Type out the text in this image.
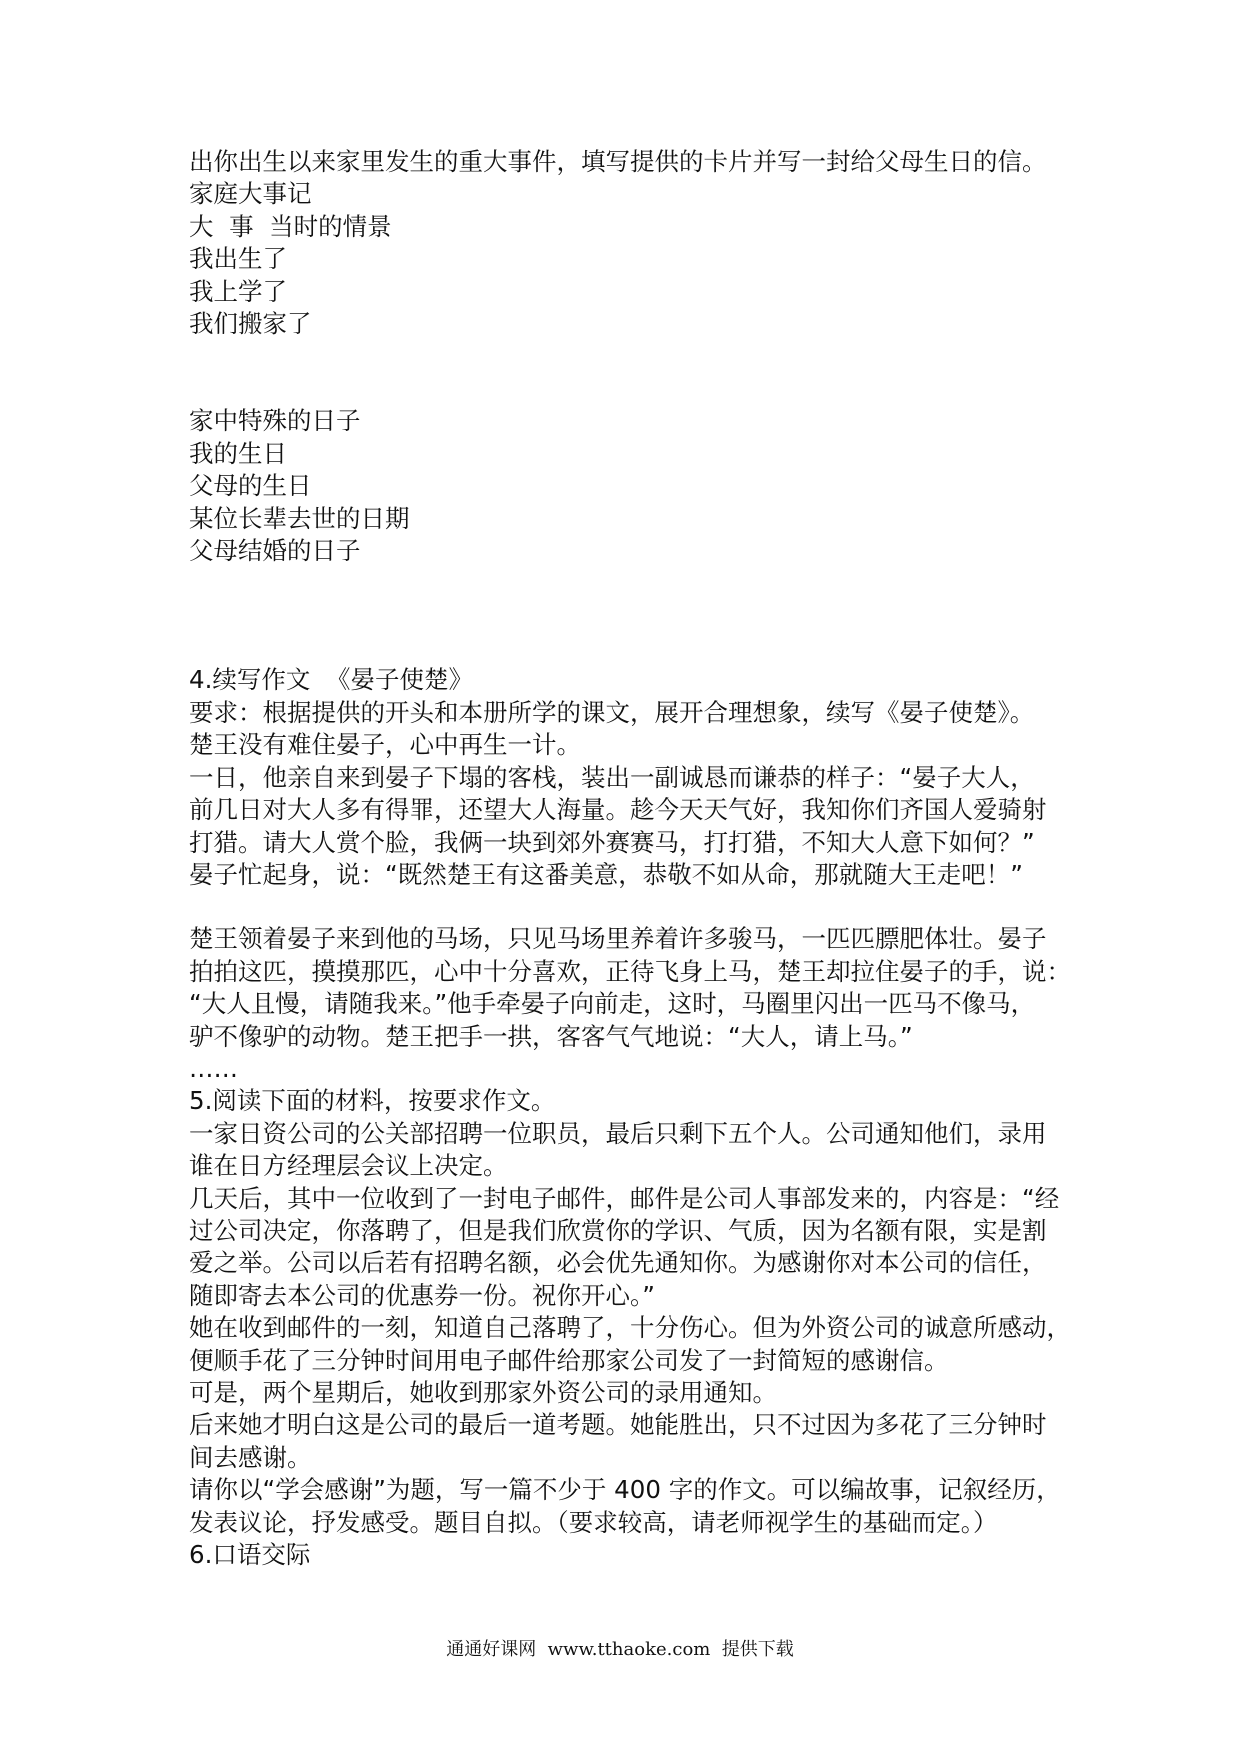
出你出生以来家里发生的重大事件，填写提供的卡片并写一封给父母生日的信。
家庭大事记
大  事  当时的情景
我出生了
我上学了
我们搬家了
家中特殊的日子
我的生日
父母的生日
某位长辈去世的日期
父母结婚的日子
4.续写作文  《晏子使楚》
要求：根据提供的开头和本册所学的课文，展开合理想象，续写《晏子使楚》。
楚王没有难住晏子，心中再生一计。
一日，他亲自来到晏子下塌的客栈，装出一副诚恳而谦恭的样子：“晏子大人，
前几日对大人多有得罪，还望大人海量。趁今天天气好，我知你们齐国人爱骑射
打猎。请大人赏个脸，我俩一块到郊外赛赛马，打打猎，不知大人意下如何？”
晏子忙起身，说：“既然楚王有这番美意，恭敬不如从命，那就随大王走吧！”
楚王领着晏子来到他的马场，只见马场里养着许多骏马，一匹匹膘肥体壮。晏子
拍拍这匹，摸摸那匹，心中十分喜欢，正待飞身上马，楚王却拉住晏子的手，说：
“大人且慢，请随我来。”他手牵晏子向前走，这时，马圈里闪出一匹马不像马，
驴不像驴的动物。楚王把手一拱，客客气气地说：“大人，请上马。”
……
5.阅读下面的材料，按要求作文。
一家日资公司的公关部招聘一位职员，最后只剩下五个人。公司通知他们，录用
谁在日方经理层会议上决定。
几天后，其中一位收到了一封电子邮件，邮件是公司人事部发来的，内容是：“经
过公司决定，你落聘了，但是我们欣赏你的学识、气质，因为名额有限，实是割
爱之举。公司以后若有招聘名额，必会优先通知你。为感谢你对本公司的信任，
随即寄去本公司的优惠券一份。祝你开心。”
她在收到邮件的一刻，知道自己落聘了，十分伤心。但为外资公司的诚意所感动，
便顺手花了三分钟时间用电子邮件给那家公司发了一封简短的感谢信。
可是，两个星期后，她收到那家外资公司的录用通知。
后来她才明白这是公司的最后一道考题。她能胜出，只不过因为多花了三分钟时
间去感谢。
请你以“学会感谢”为题，写一篇不少于 400 字的作文。可以编故事，记叙经历，
发表议论，抒发感受。题目自拟。（要求较高，请老师视学生的基础而定。）
6.口语交际
通通好课网  www.tthaoke.com  提供下载
